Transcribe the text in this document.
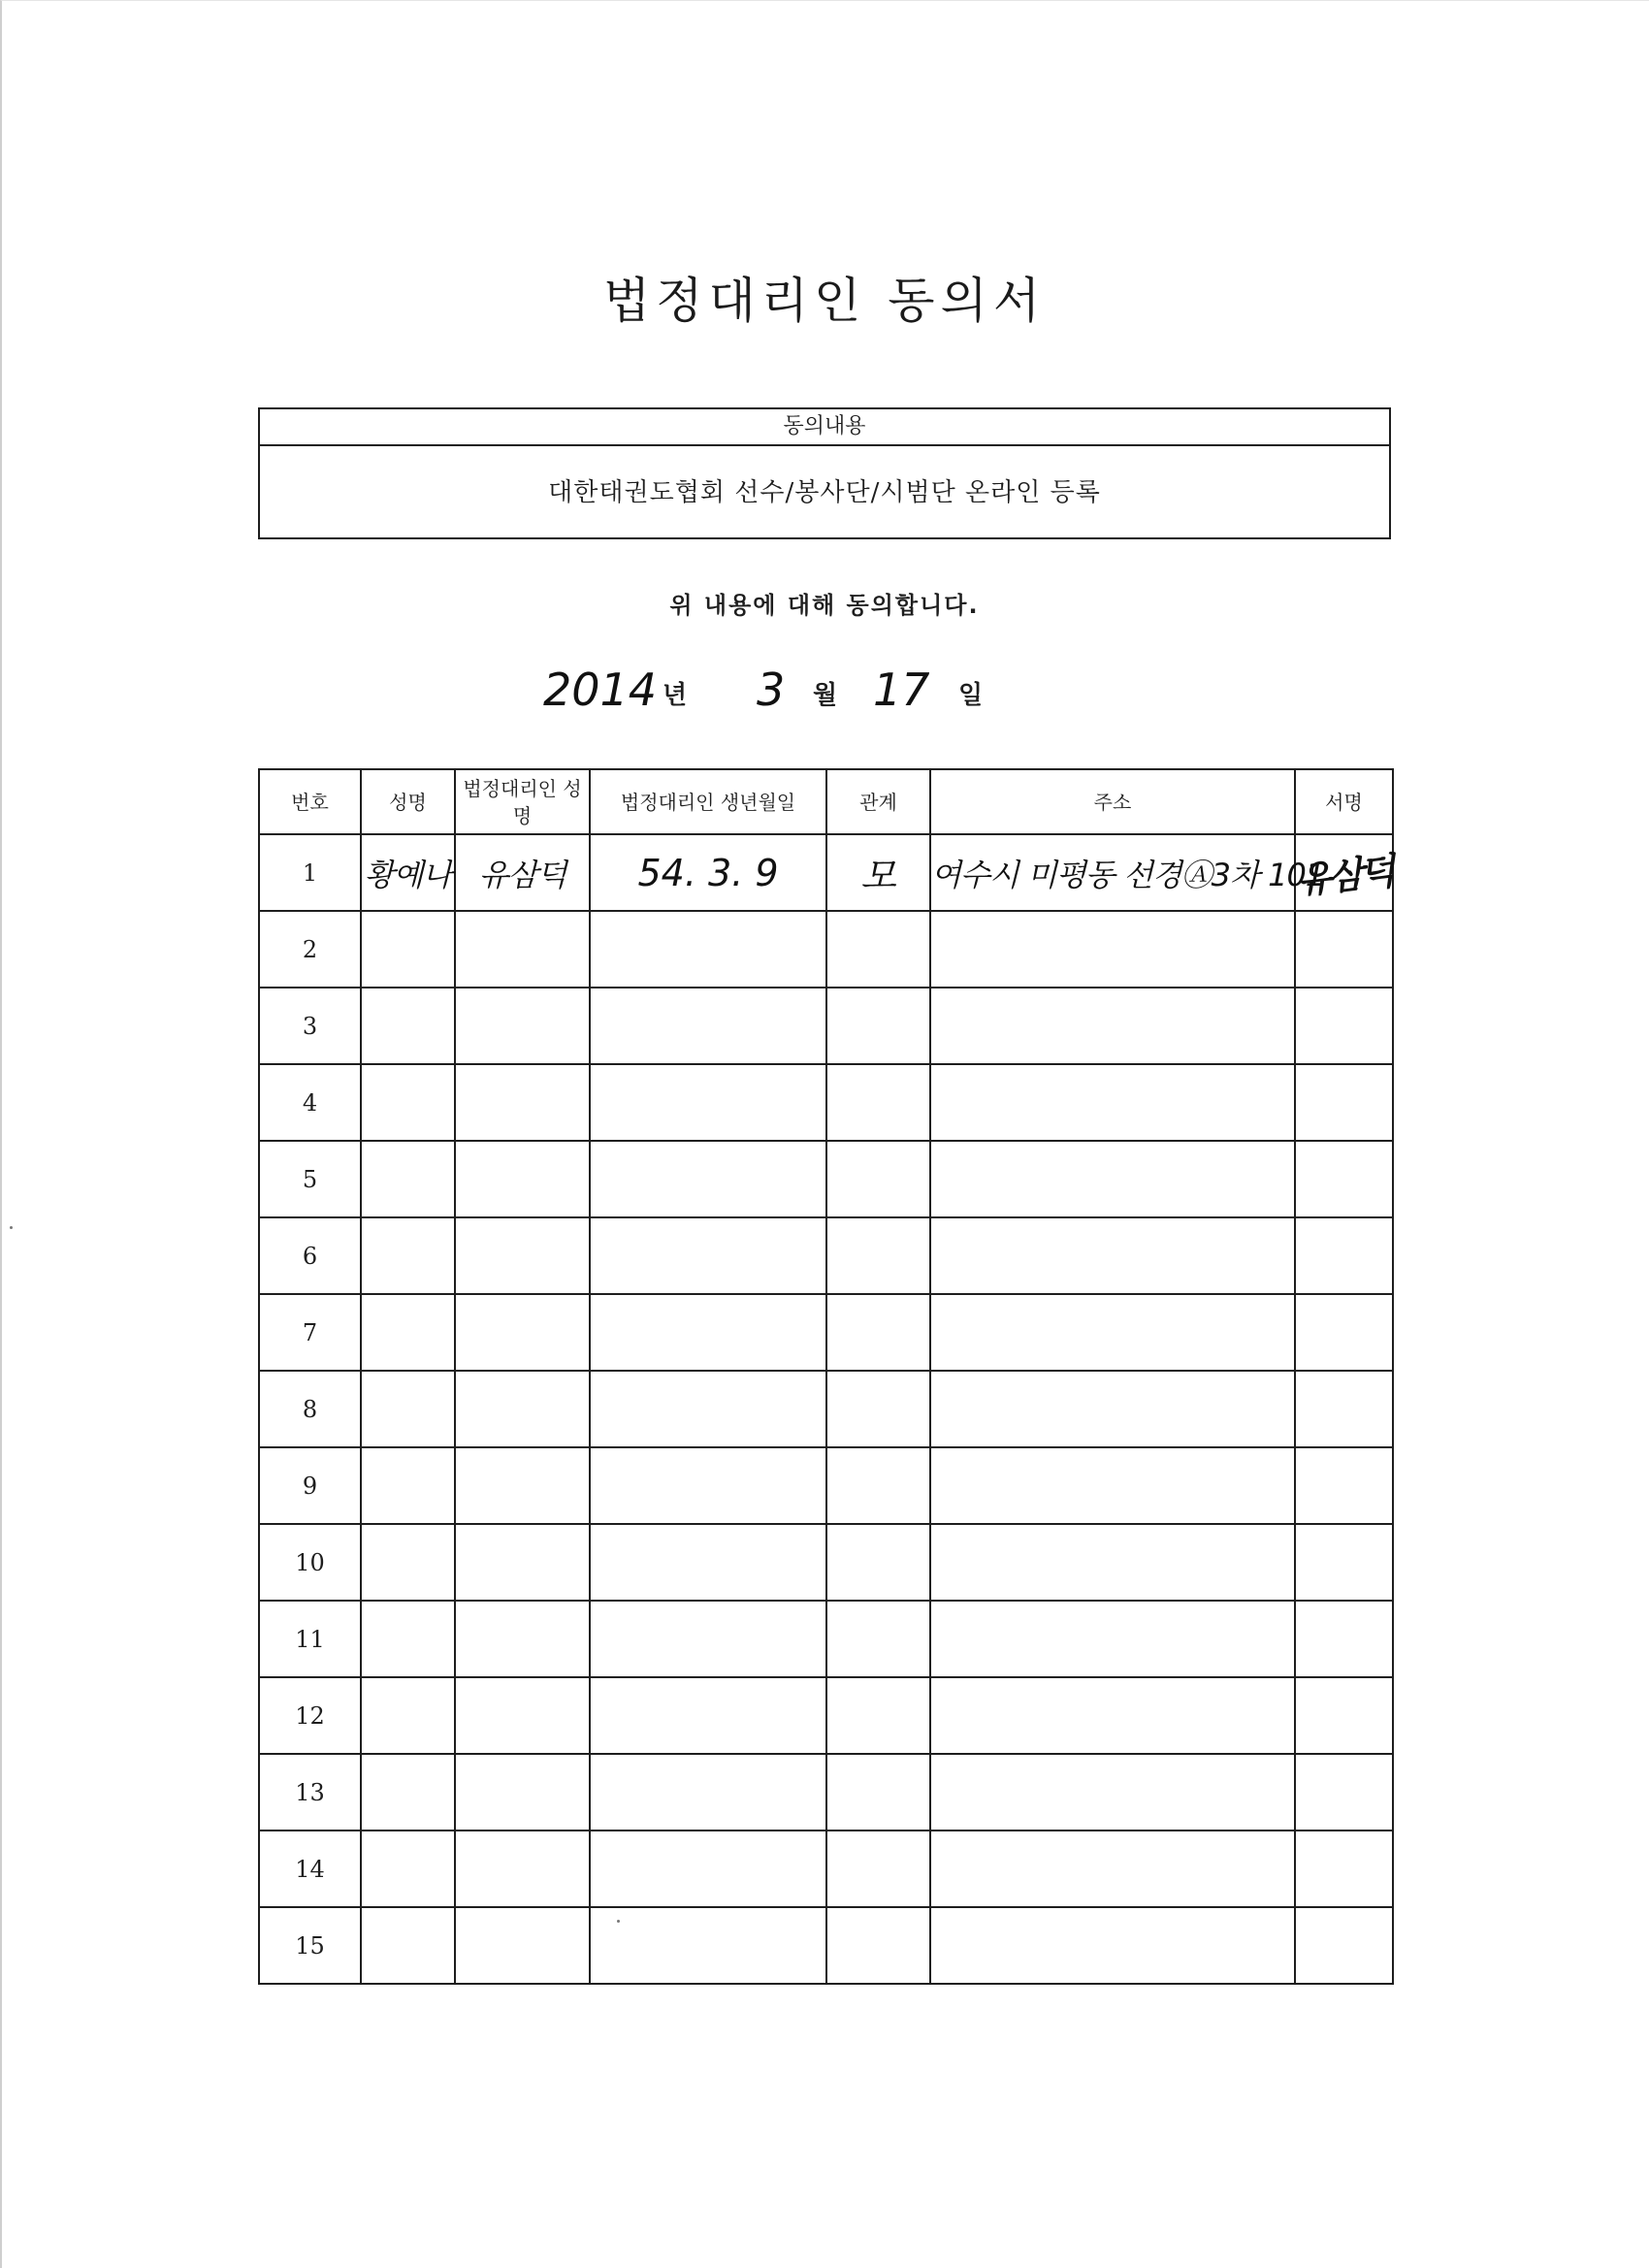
법정대리인 동의서
동의내용
대한태권도협회 선수/봉사단/시범단 온라인 등록
위 내용에 대해 동의합니다.
2014 년 3 월 17 일
번호	성명	법정대리인 성명	법정대리인 생년월일	관계	주소	서명
1	황예나	유삼덕	54. 3. 9	모	여수시 미평동 선경Ⓐ3차 101	유삼덕
2						
3						
4						
5						
6						
7						
8						
9						
10						
11						
12						
13						
14						
15						
